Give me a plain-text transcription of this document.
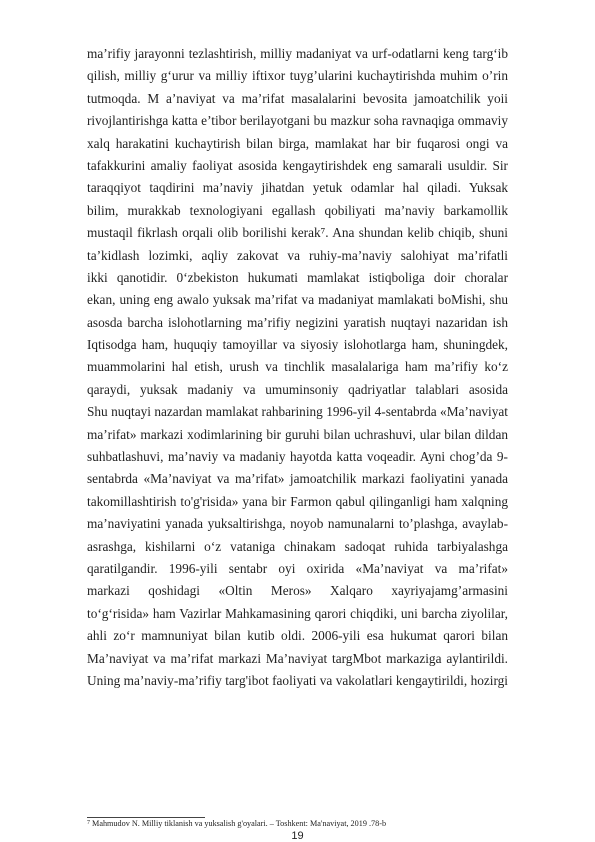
ma’rifiy jarayonni tezlashtirish, milliy madaniyat va urf-odatlarni keng targ‘ib
qilish, milliy g‘urur va milliy iftixor tuyg’ularini kuchaytirishda muhim o’rin
tutmoqda. M a’naviyat va ma’rifat masalalarini bevosita jamoatchilik yoii
rivojlantirishga katta e’tibor berilayotgani bu mazkur soha ravnaqiga ommaviy
xalq harakatini kuchaytirish bilan birga, mamlakat har bir fuqarosi ongi va
tafakkurini amaliy faoliyat asosida kengaytirishdek eng samarali usuldir. Sir
taraqqiyot taqdirini ma’naviy jihatdan yetuk odamlar hal qiladi. Yuksak
bilim, murakkab texnologiyani egallash qobiliyati ma’naviy barkamollik
mustaqil fikrlash orqali olib borilishi kerak⁷. Ana shundan kelib chiqib, shuni
ta’kidlash lozimki, aqliy zakovat va ruhiy-ma’naviy salohiyat ma’rifatli
ikki qanotidir. 0‘zbekiston hukumati mamlakat istiqboliga doir choralar
ekan, uning eng awalo yuksak ma’rifat va madaniyat mamlakati boMishi, shu
asosda barcha islohotlarning ma’rifiy negizini yaratish nuqtayi nazaridan ish
Iqtisodga ham, huquqiy tamoyillar va siyosiy islohotlarga ham, shuningdek,
muammolarini hal etish, urush va tinchlik masalalariga ham ma’rifiy ko‘z
qaraydi, yuksak madaniy va umuminsoniy qadriyatlar talablari asosida
Shu nuqtayi nazardan mamlakat rahbarining 1996-yil 4-sentabrda «Ma’naviyat
ma’rifat» markazi xodimlarining bir guruhi bilan uchrashuvi, ular bilan dildan
suhbatlashuvi, ma’naviy va madaniy hayotda katta voqeadir. Ayni chog’da 9-
sentabrda «Ma’naviyat va ma’rifat» jamoatchilik markazi faoliyatini yanada
takomillashtirish to'g'risida» yana bir Farmon qabul qilinganligi ham xalqning
ma’naviyatini yanada yuksaltirishga, noyob namunalarni to’plashga, avaylab-
asrashga, kishilarni o‘z vataniga chinakam sadoqat ruhida tarbiyalashga
qaratilgandir. 1996-yili sentabr oyi oxirida «Ma’naviyat va ma’rifat»
markazi qoshidagi «Oltin Meros» Xalqaro xayriyajamg’armasini
to‘g‘risida» ham Vazirlar Mahkamasining qarori chiqdiki, uni barcha ziyolilar,
ahli zo‘r mamnuniyat bilan kutib oldi. 2006-yili esa hukumat qarori bilan
Ma’naviyat va ma’rifat markazi Ma’naviyat targMbot markaziga aylantirildi.
Uning ma’naviy-ma’rifiy targ'ibot faoliyati va vakolatlari kengaytirildi, hozirgi
$^7$ Mahmudov N. Milliy tiklanish va yuksalish g'oyalari. – Toshkent: Ma'naviyat, 2019 .78-b
19
